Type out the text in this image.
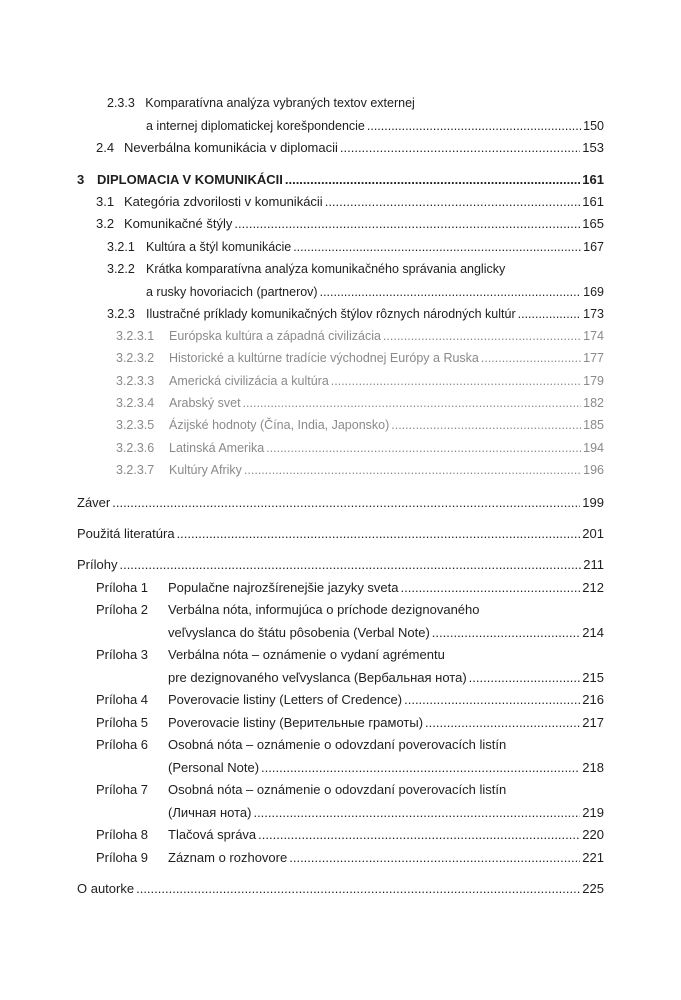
2.3.3 Komparatívna analýza vybraných textov externej
a internej diplomatickej korešpondencie .....	150
2.4 Neverbálna komunikácia v diplomacii .....	153
3 DIPLOMACIA V KOMUNIKÁCII .....	161
3.1 Kategória zdvorilosti v komunikácii .....	161
3.2 Komunikačné štýly .....	165
3.2.1 Kultúra a štýl komunikácie .....	167
3.2.2 Krátka komparatívna analýza komunikačného správania anglicky
a rusky hovoriacich (partnerov) .....	169
3.2.3 Ilustračné príklady komunikačných štýlov rôznych národných kultúr .....	173
3.2.3.1	Európska kultúra a západná civilizácia .....	174
3.2.3.2	Historické a kultúrne tradície východnej Európy a Ruska .....	177
3.2.3.3	Americká civilizácia a kultúra .....	179
3.2.3.4	Arabský svet .....	182
3.2.3.5	Ázijské hodnoty (Čína, India, Japonsko) .....	185
3.2.3.6	Latinská Amerika .....	194
3.2.3.7	Kultúry Afriky .....	196
Záver .....	199
Použitá literatúra .....	201
Prílohy .....	211
Príloha 1	Populačne najrozšírenejšie jazyky sveta .....	212
Príloha 2 Verbálna nóta, informujúca o príchode dezignovaného
veľvyslanca do štátu pôsobenia (Verbal Note) .....	214
Príloha 3 Verbálna nóta – oznámenie o vydaní agrémentu
pre dezignovaného veľvyslanca (Вербальная нота) .....	215
Príloha 4	Poverovacie listiny (Letters of Credence) .....	216
Príloha 5	Poverovacie listiny (Верительные грамоты) .....	217
Príloha 6 Osobná nóta – oznámenie o odovzdaní poverovacích listín
(Personal Note) .....	218
Príloha 7 Osobná nóta – oznámenie o odovzdaní poverovacích listín
(Личная нота) .....	219
Príloha 8	Tlačová správa .....	220
Príloha 9	Záznam o rozhovore .....	221
O autorke .....	225
